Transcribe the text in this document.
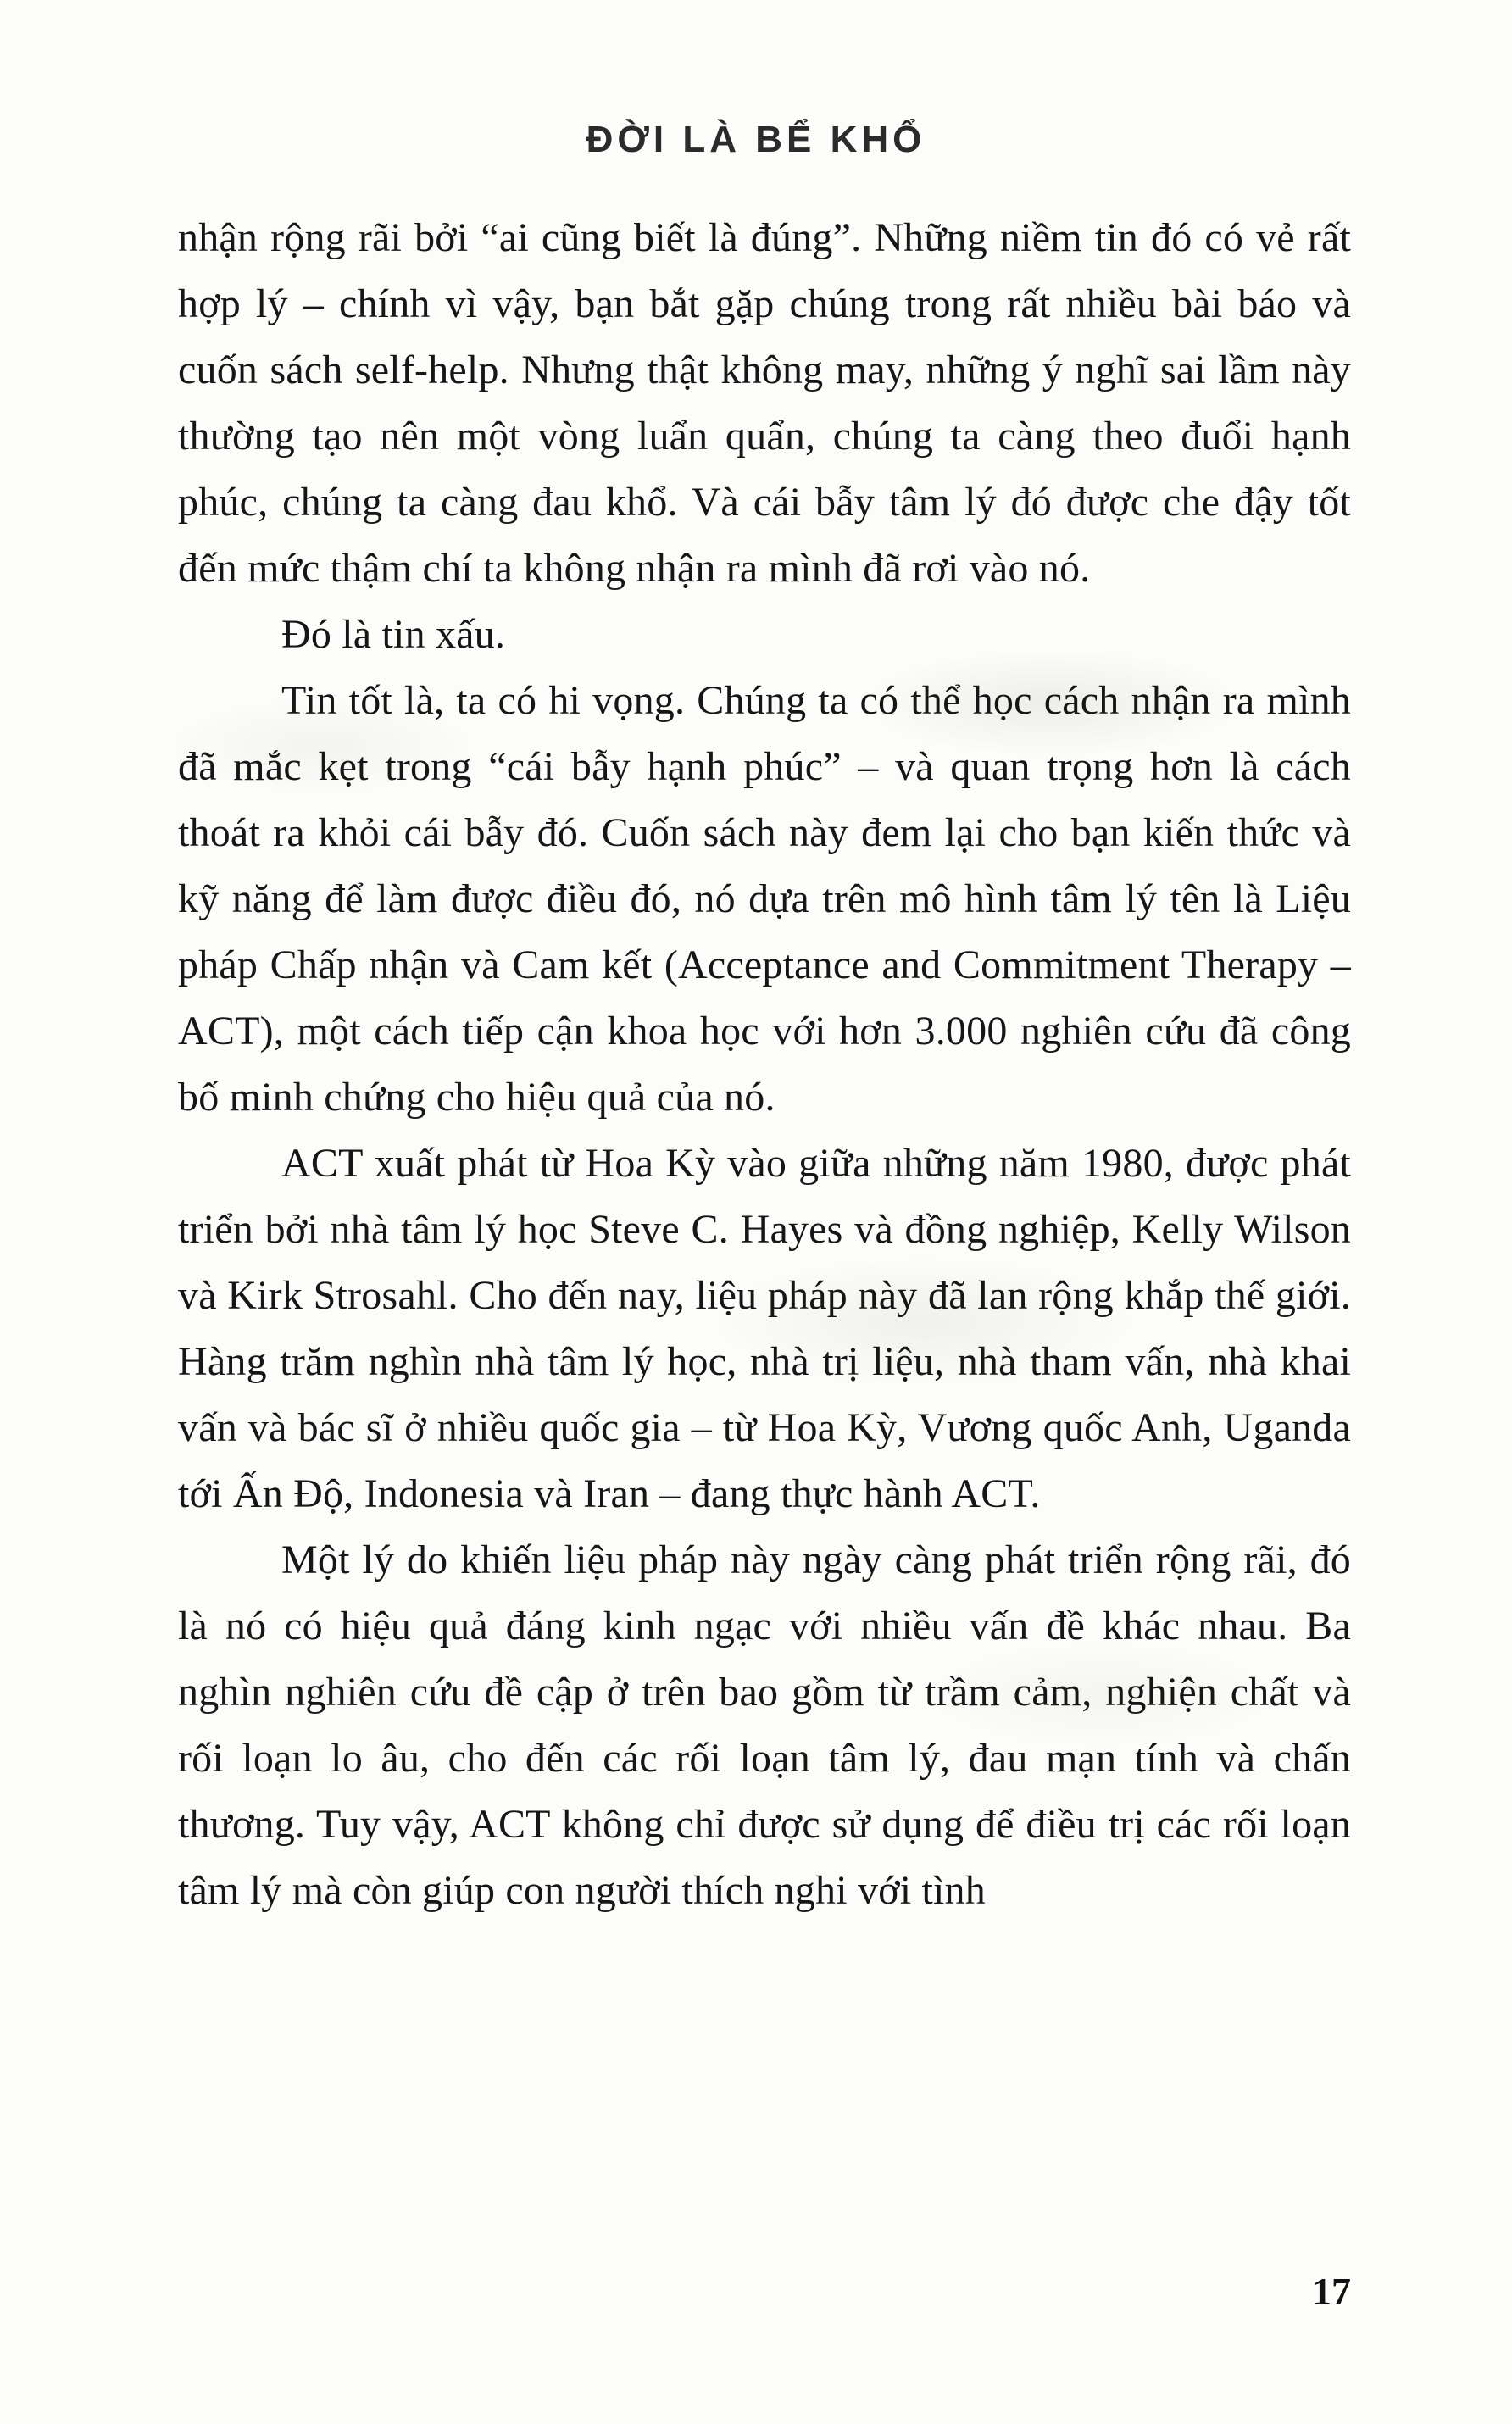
ĐỜI LÀ BỂ KHỔ

nhận rộng rãi bởi “ai cũng biết là đúng”. Những niềm tin đó có vẻ rất hợp lý – chính vì vậy, bạn bắt gặp chúng trong rất nhiều bài báo và cuốn sách self-help. Nhưng thật không may, những ý nghĩ sai lầm này thường tạo nên một vòng luẩn quẩn, chúng ta càng theo đuổi hạnh phúc, chúng ta càng đau khổ. Và cái bẫy tâm lý đó được che đậy tốt đến mức thậm chí ta không nhận ra mình đã rơi vào nó.

Đó là tin xấu.

Tin tốt là, ta có hi vọng. Chúng ta có thể học cách nhận ra mình đã mắc kẹt trong “cái bẫy hạnh phúc” – và quan trọng hơn là cách thoát ra khỏi cái bẫy đó. Cuốn sách này đem lại cho bạn kiến thức và kỹ năng để làm được điều đó, nó dựa trên mô hình tâm lý tên là Liệu pháp Chấp nhận và Cam kết (Acceptance and Commitment Therapy – ACT), một cách tiếp cận khoa học với hơn 3.000 nghiên cứu đã công bố minh chứng cho hiệu quả của nó.

ACT xuất phát từ Hoa Kỳ vào giữa những năm 1980, được phát triển bởi nhà tâm lý học Steve C. Hayes và đồng nghiệp, Kelly Wilson và Kirk Strosahl. Cho đến nay, liệu pháp này đã lan rộng khắp thế giới. Hàng trăm nghìn nhà tâm lý học, nhà trị liệu, nhà tham vấn, nhà khai vấn và bác sĩ ở nhiều quốc gia – từ Hoa Kỳ, Vương quốc Anh, Uganda tới Ấn Độ, Indonesia và Iran – đang thực hành ACT.

Một lý do khiến liệu pháp này ngày càng phát triển rộng rãi, đó là nó có hiệu quả đáng kinh ngạc với nhiều vấn đề khác nhau. Ba nghìn nghiên cứu đề cập ở trên bao gồm từ trầm cảm, nghiện chất và rối loạn lo âu, cho đến các rối loạn tâm lý, đau mạn tính và chấn thương. Tuy vậy, ACT không chỉ được sử dụng để điều trị các rối loạn tâm lý mà còn giúp con người thích nghi với tình

17
